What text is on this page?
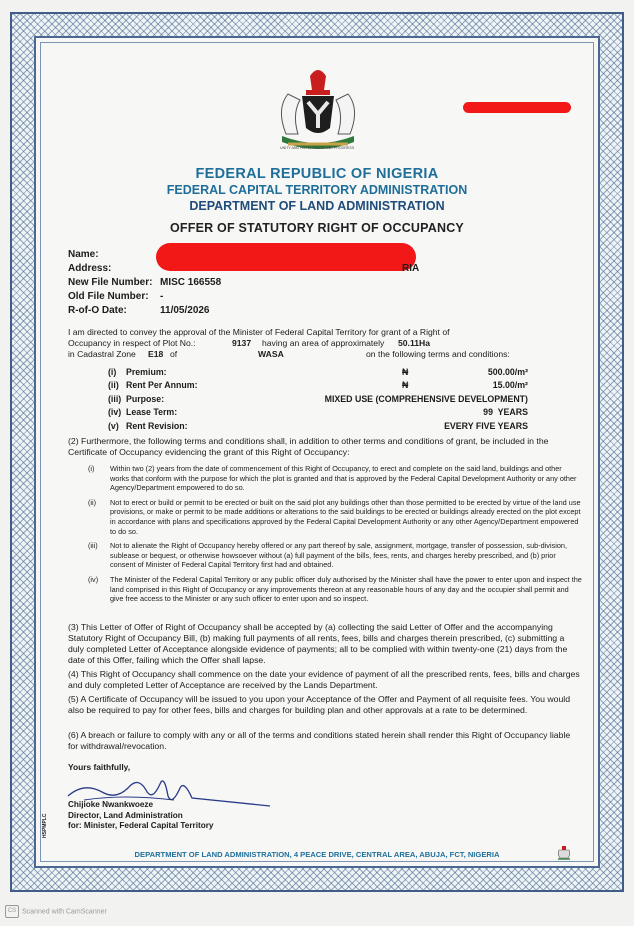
UNITY AND FAITH, PEACE AND PROGRESS
FEDERAL REPUBLIC OF NIGERIA
FEDERAL CAPITAL TERRITORY ADMINISTRATION
DEPARTMENT OF LAND ADMINISTRATION
OFFER OF STATUTORY RIGHT OF OCCUPANCY
Name:
Address:	RIA
New File Number: MISC 166558
Old File Number: -
R-of-O Date:	11/05/2026
I am directed to convey the approval of the Minister of Federal Capital Territory for grant of a Right of
Occupancy in respect of Plot No.:	9137 having an area of approximately 50.11Ha
in Cadastral Zone E18 of	WASA	on the following terms and conditions:
(i) Premium:	₦	500.00/m²
(ii) Rent Per Annum:	₦	15.00/m²
(iii) Purpose:	MIXED USE (COMPREHENSIVE DEVELOPMENT)
(iv) Lease Term:	99  YEARS
(v) Rent Revision:	EVERY FIVE YEARS
(2) Furthermore, the following terms and conditions shall, in addition to other terms and conditions of grant, be included in the Certificate of Occupancy evidencing the grant of this Right of Occupancy:
(i) Within two (2) years from the date of commencement of this Right of Occupancy, to erect and complete on the said land, buildings and other works that conform with the purpose for which the plot is granted and that is approved by the Federal Capital Development Authority or any other Agency/Department empowered to do so.
(ii) Not to erect or build or permit to be erected or built on the said plot any buildings other than those permitted to be erected by virtue of the land use provisions, or make or permit to be made additions or alterations to the said buildings to be erected or buildings already erected on the plot except in accordance with plans and specifications approved by the Federal Capital Development Authority or any other Agency/Department empowered to do so.
(iii) Not to alienate the Right of Occupancy hereby offered or any part thereof by sale, assignment, mortgage, transfer of possession, sub-division, sublease or bequest, or otherwise howsoever without (a) full payment of the bills, fees, rents, and charges hereby prescribed, and (b) prior consent of Minister of Federal Capital Territory first had and obtained.
(iv) The Minister of the Federal Capital Territory or any public officer duly authorised by the Minister shall have the power to enter upon and inspect the land comprised in this Right of Occupancy or any improvements thereon at any reasonable hours of any day and the occupier shall permit and give free access to the Minister or any such officer to enter upon and so inspect.
(3) This Letter of Offer of Right of Occupancy shall be accepted by (a) collecting the said Letter of Offer and the accompanying Statutory Right of Occupancy Bill, (b) making full payments of all rents, fees, bills and charges therein prescribed, (c) submitting a duly completed Letter of Acceptance alongside evidence of payments; all to be complied with within twenty-one (21) days from the date of this Offer, failing which the Offer shall lapse.
(4) This Right of Occupancy shall commence on the date your evidence of payment of all the prescribed rents, fees, bills and charges and duly completed Letter of Acceptance are received by the Lands Department.
(5) A Certificate of Occupancy will be issued to you upon your Acceptance of the Offer and Payment of all requisite fees. You would also be required to pay for other fees, bills and charges for building plan and other approvals at a rate to be determined.
(6) A breach or failure to comply with any or all of the terms and conditions stated herein shall render this Right of Occupancy liable for withdrawal/revocation.
Yours faithfully,
Chijioke Nwankwoeze
Director, Land Administration
for: Minister, Federal Capital Territory
HSPMPLC
DEPARTMENT OF LAND ADMINISTRATION, 4 PEACE DRIVE, CENTRAL AREA, ABUJA, FCT, NIGERIA
CS Scanned with CamScanner
